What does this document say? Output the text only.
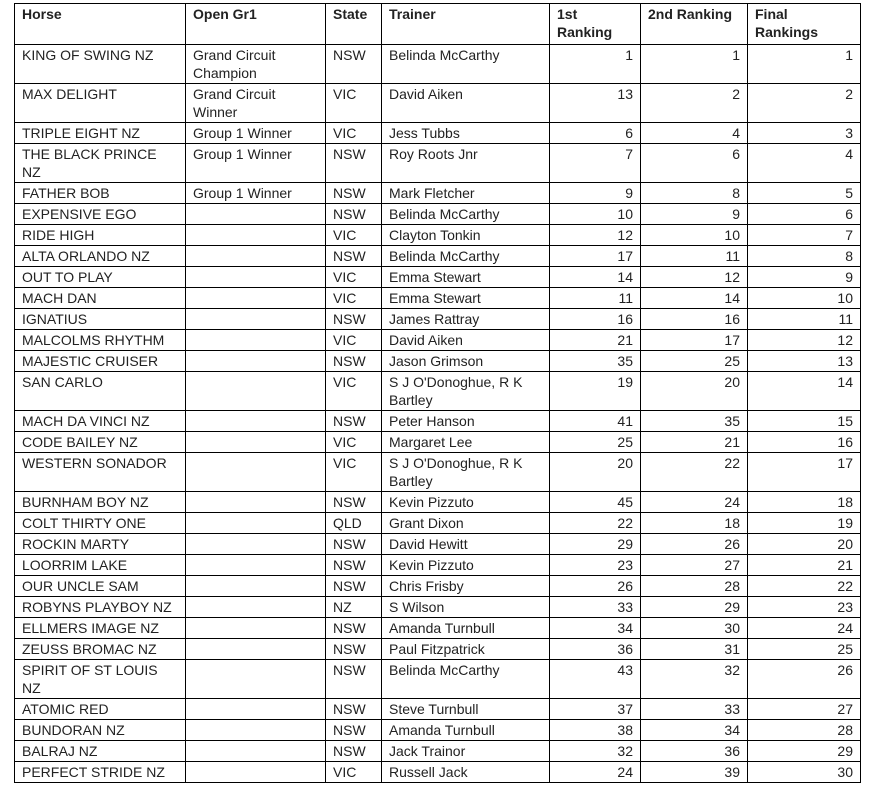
Horse	Open Gr1	State	Trainer	1st Ranking	2nd Ranking	Final Rankings
KING OF SWING NZ	Grand Circuit Champion	NSW	Belinda McCarthy	1	1	1
MAX DELIGHT	Grand Circuit Winner	VIC	David Aiken	13	2	2
TRIPLE EIGHT NZ	Group 1 Winner	VIC	Jess Tubbs	6	4	3
THE BLACK PRINCE NZ	Group 1 Winner	NSW	Roy Roots Jnr	7	6	4
FATHER BOB	Group 1 Winner	NSW	Mark Fletcher	9	8	5
EXPENSIVE EGO		NSW	Belinda McCarthy	10	9	6
RIDE HIGH		VIC	Clayton Tonkin	12	10	7
ALTA ORLANDO NZ		NSW	Belinda McCarthy	17	11	8
OUT TO PLAY		VIC	Emma Stewart	14	12	9
MACH DAN		VIC	Emma Stewart	11	14	10
IGNATIUS		NSW	James Rattray	16	16	11
MALCOLMS RHYTHM		VIC	David Aiken	21	17	12
MAJESTIC CRUISER		NSW	Jason Grimson	35	25	13
SAN CARLO		VIC	S J O'Donoghue, R K Bartley	19	20	14
MACH DA VINCI NZ		NSW	Peter Hanson	41	35	15
CODE BAILEY NZ		VIC	Margaret Lee	25	21	16
WESTERN SONADOR		VIC	S J O'Donoghue, R K Bartley	20	22	17
BURNHAM BOY NZ		NSW	Kevin Pizzuto	45	24	18
COLT THIRTY ONE		QLD	Grant Dixon	22	18	19
ROCKIN MARTY		NSW	David Hewitt	29	26	20
LOORRIM LAKE		NSW	Kevin Pizzuto	23	27	21
OUR UNCLE SAM		NSW	Chris Frisby	26	28	22
ROBYNS PLAYBOY NZ		NZ	S Wilson	33	29	23
ELLMERS IMAGE NZ		NSW	Amanda Turnbull	34	30	24
ZEUSS BROMAC NZ		NSW	Paul Fitzpatrick	36	31	25
SPIRIT OF ST LOUIS NZ		NSW	Belinda McCarthy	43	32	26
ATOMIC RED		NSW	Steve Turnbull	37	33	27
BUNDORAN NZ		NSW	Amanda Turnbull	38	34	28
BALRAJ NZ		NSW	Jack Trainor	32	36	29
PERFECT STRIDE NZ		VIC	Russell Jack	24	39	30
